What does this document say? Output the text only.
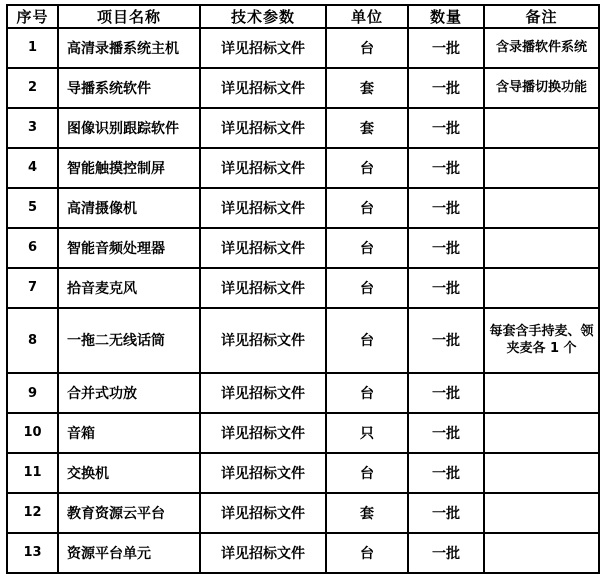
序号	项目名称	技术参数	单位	数量	备注
1	高清录播系统主机	详见招标文件	台	一批	含录播软件系统
2	导播系统软件	详见招标文件	套	一批	含导播切换功能
3	图像识别跟踪软件	详见招标文件	套	一批	
4	智能触摸控制屏	详见招标文件	台	一批	
5	高清摄像机	详见招标文件	台	一批	
6	智能音频处理器	详见招标文件	台	一批	
7	拾音麦克风	详见招标文件	台	一批	
8	一拖二无线话筒	详见招标文件	台	一批	每套含手持麦、领夹麦各 1 个
9	合并式功放	详见招标文件	台	一批	
10	音箱	详见招标文件	只	一批	
11	交换机	详见招标文件	台	一批	
12	教育资源云平台	详见招标文件	套	一批	
13	资源平台单元	详见招标文件	台	一批	
